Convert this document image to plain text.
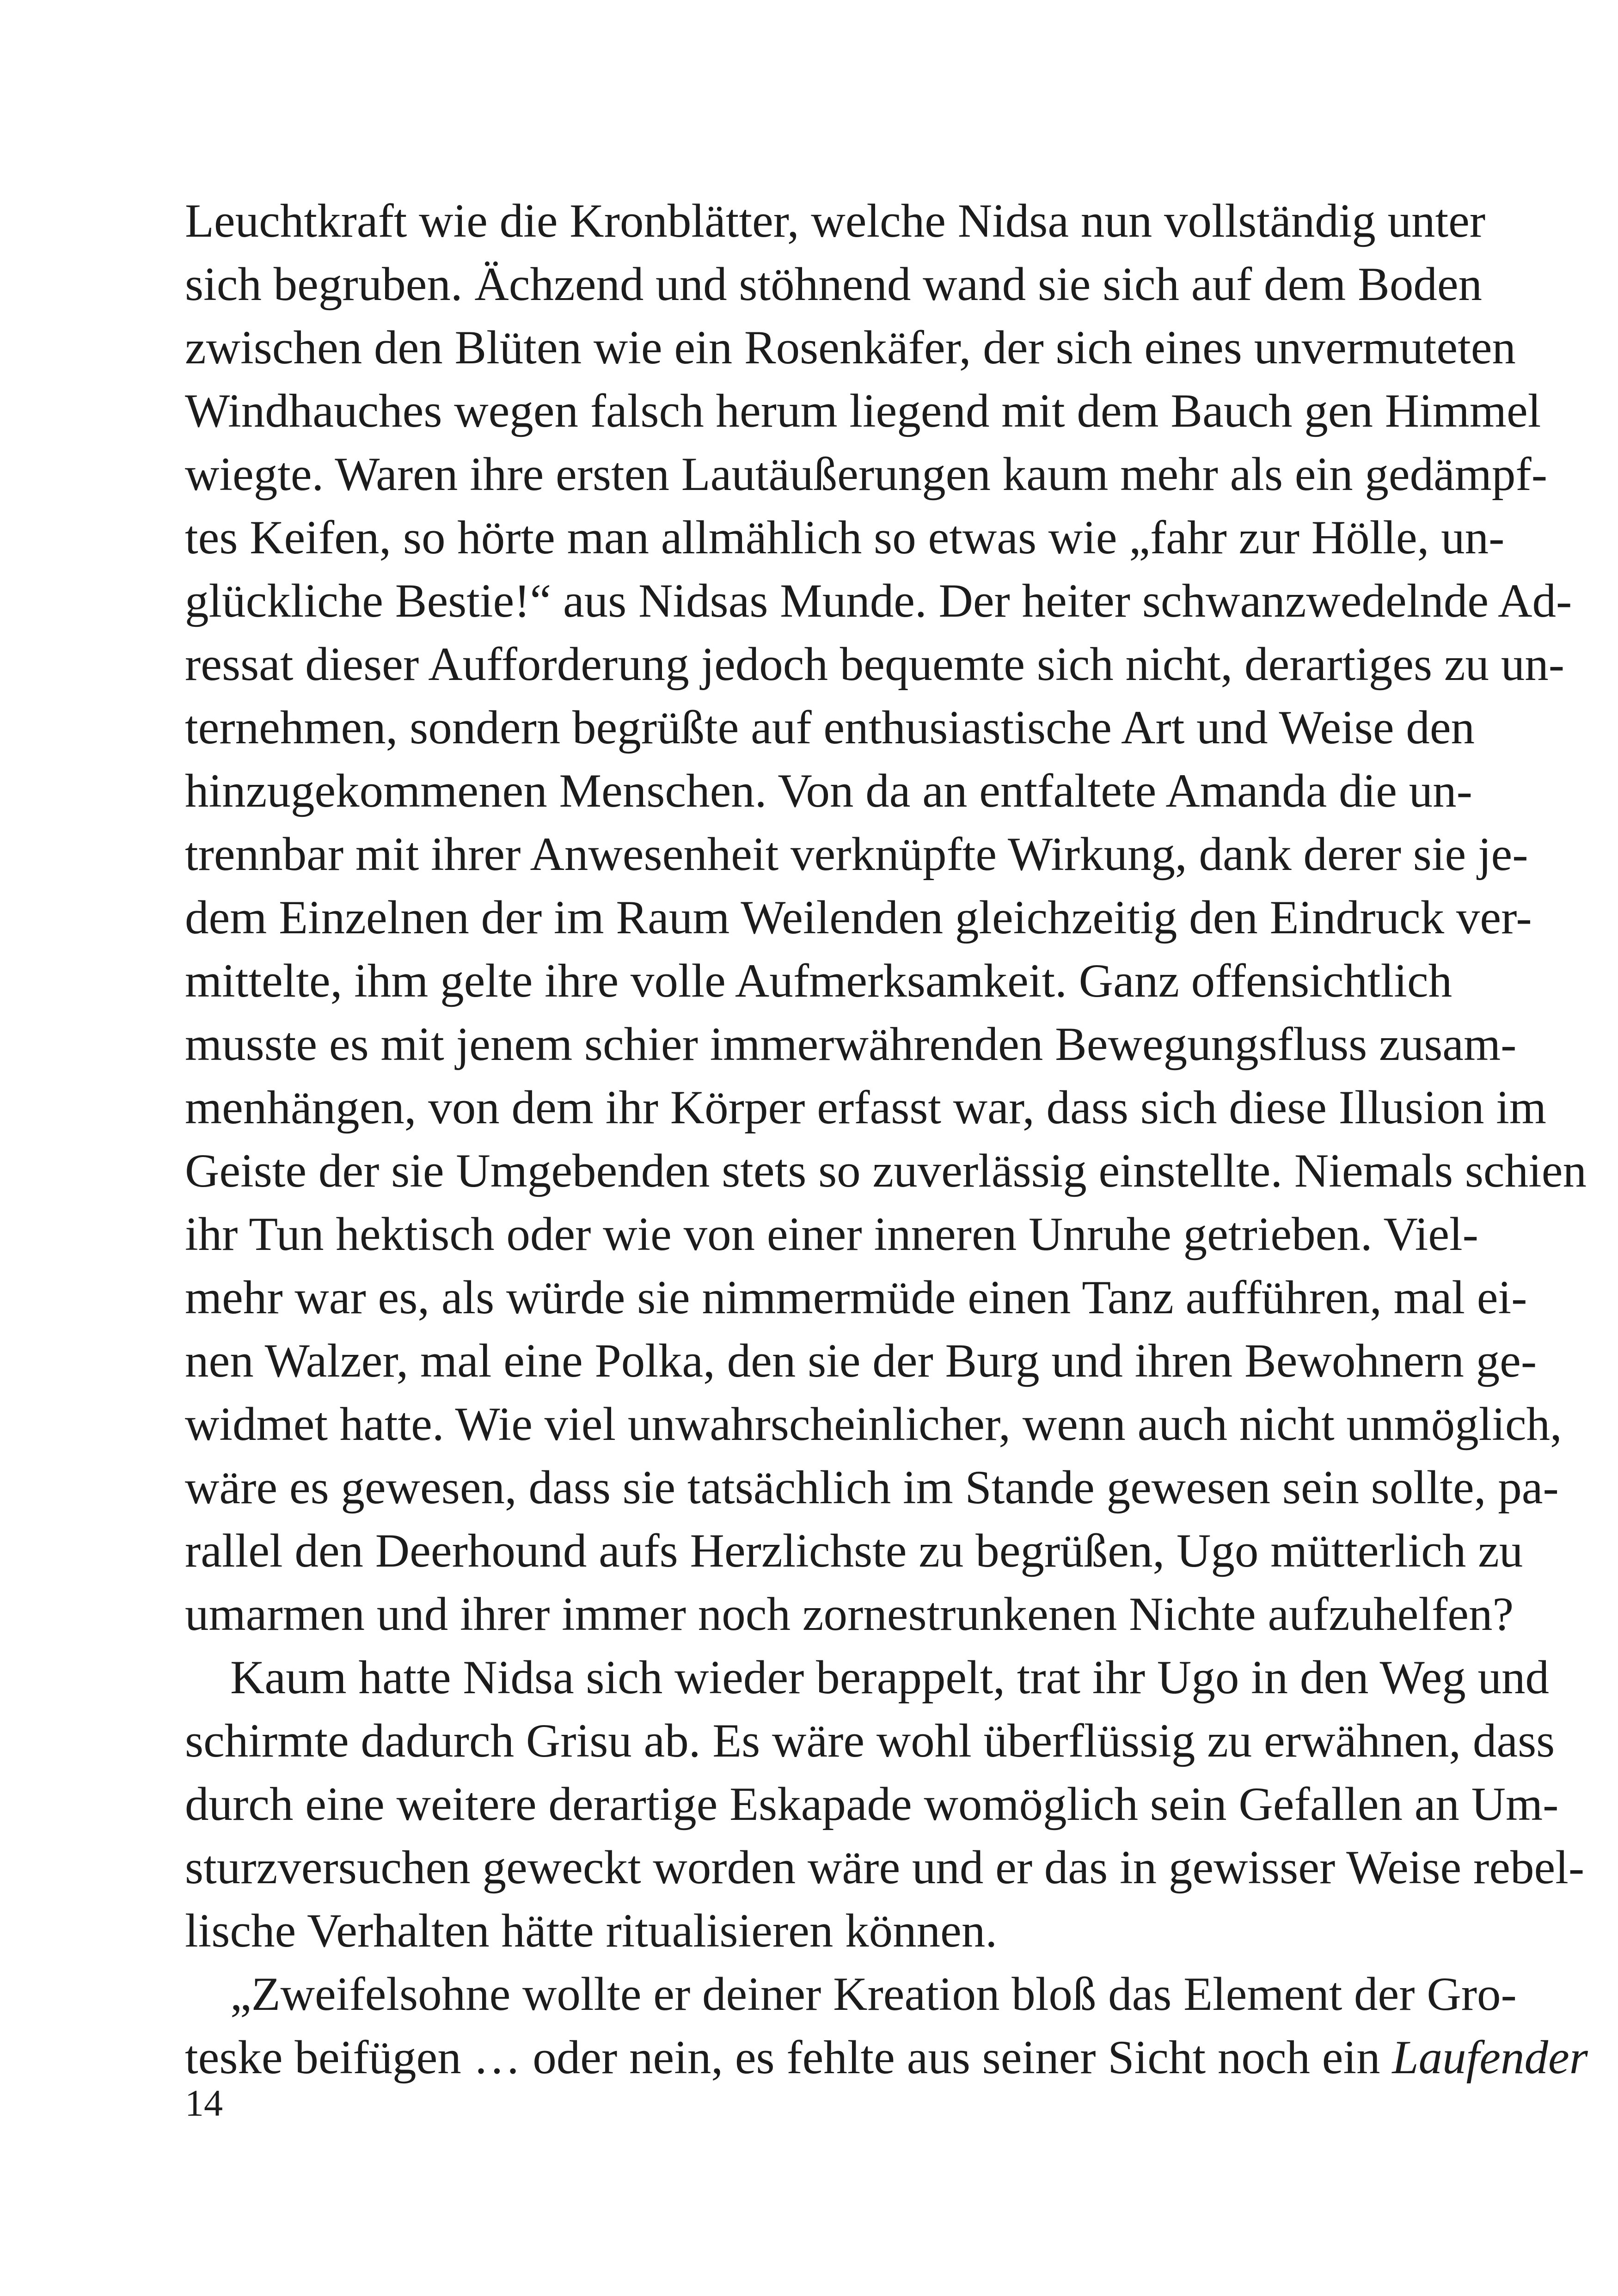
Leuchtkraft wie die Kronblätter, welche Nidsa nun vollständig unter
sich begruben. Ächzend und stöhnend wand sie sich auf dem Boden
zwischen den Blüten wie ein Rosenkäfer, der sich eines unvermuteten
Windhauches wegen falsch herum liegend mit dem Bauch gen Himmel
wiegte. Waren ihre ersten Lautäußerungen kaum mehr als ein gedämpf-
tes Keifen, so hörte man allmählich so etwas wie „fahr zur Hölle, un-
glückliche Bestie!“ aus Nidsas Munde. Der heiter schwanzwedelnde Ad-
ressat dieser Aufforderung jedoch bequemte sich nicht, derartiges zu un-
ternehmen, sondern begrüßte auf enthusiastische Art und Weise den
hinzugekommenen Menschen. Von da an entfaltete Amanda die un-
trennbar mit ihrer Anwesenheit verknüpfte Wirkung, dank derer sie je-
dem Einzelnen der im Raum Weilenden gleichzeitig den Eindruck ver-
mittelte, ihm gelte ihre volle Aufmerksamkeit. Ganz offensichtlich
musste es mit jenem schier immerwährenden Bewegungsfluss zusam-
menhängen, von dem ihr Körper erfasst war, dass sich diese Illusion im
Geiste der sie Umgebenden stets so zuverlässig einstellte. Niemals schien
ihr Tun hektisch oder wie von einer inneren Unruhe getrieben. Viel-
mehr war es, als würde sie nimmermüde einen Tanz aufführen, mal ei-
nen Walzer, mal eine Polka, den sie der Burg und ihren Bewohnern ge-
widmet hatte. Wie viel unwahrscheinlicher, wenn auch nicht unmöglich,
wäre es gewesen, dass sie tatsächlich im Stande gewesen sein sollte, pa-
rallel den Deerhound aufs Herzlichste zu begrüßen, Ugo mütterlich zu
umarmen und ihrer immer noch zornestrunkenen Nichte aufzuhelfen?
Kaum hatte Nidsa sich wieder berappelt, trat ihr Ugo in den Weg und
schirmte dadurch Grisu ab. Es wäre wohl überflüssig zu erwähnen, dass
durch eine weitere derartige Eskapade womöglich sein Gefallen an Um-
sturzversuchen geweckt worden wäre und er das in gewisser Weise rebel-
lische Verhalten hätte ritualisieren können.
„Zweifelsohne wollte er deiner Kreation bloß das Element der Gro-
teske beifügen … oder nein, es fehlte aus seiner Sicht noch ein Laufender
14
